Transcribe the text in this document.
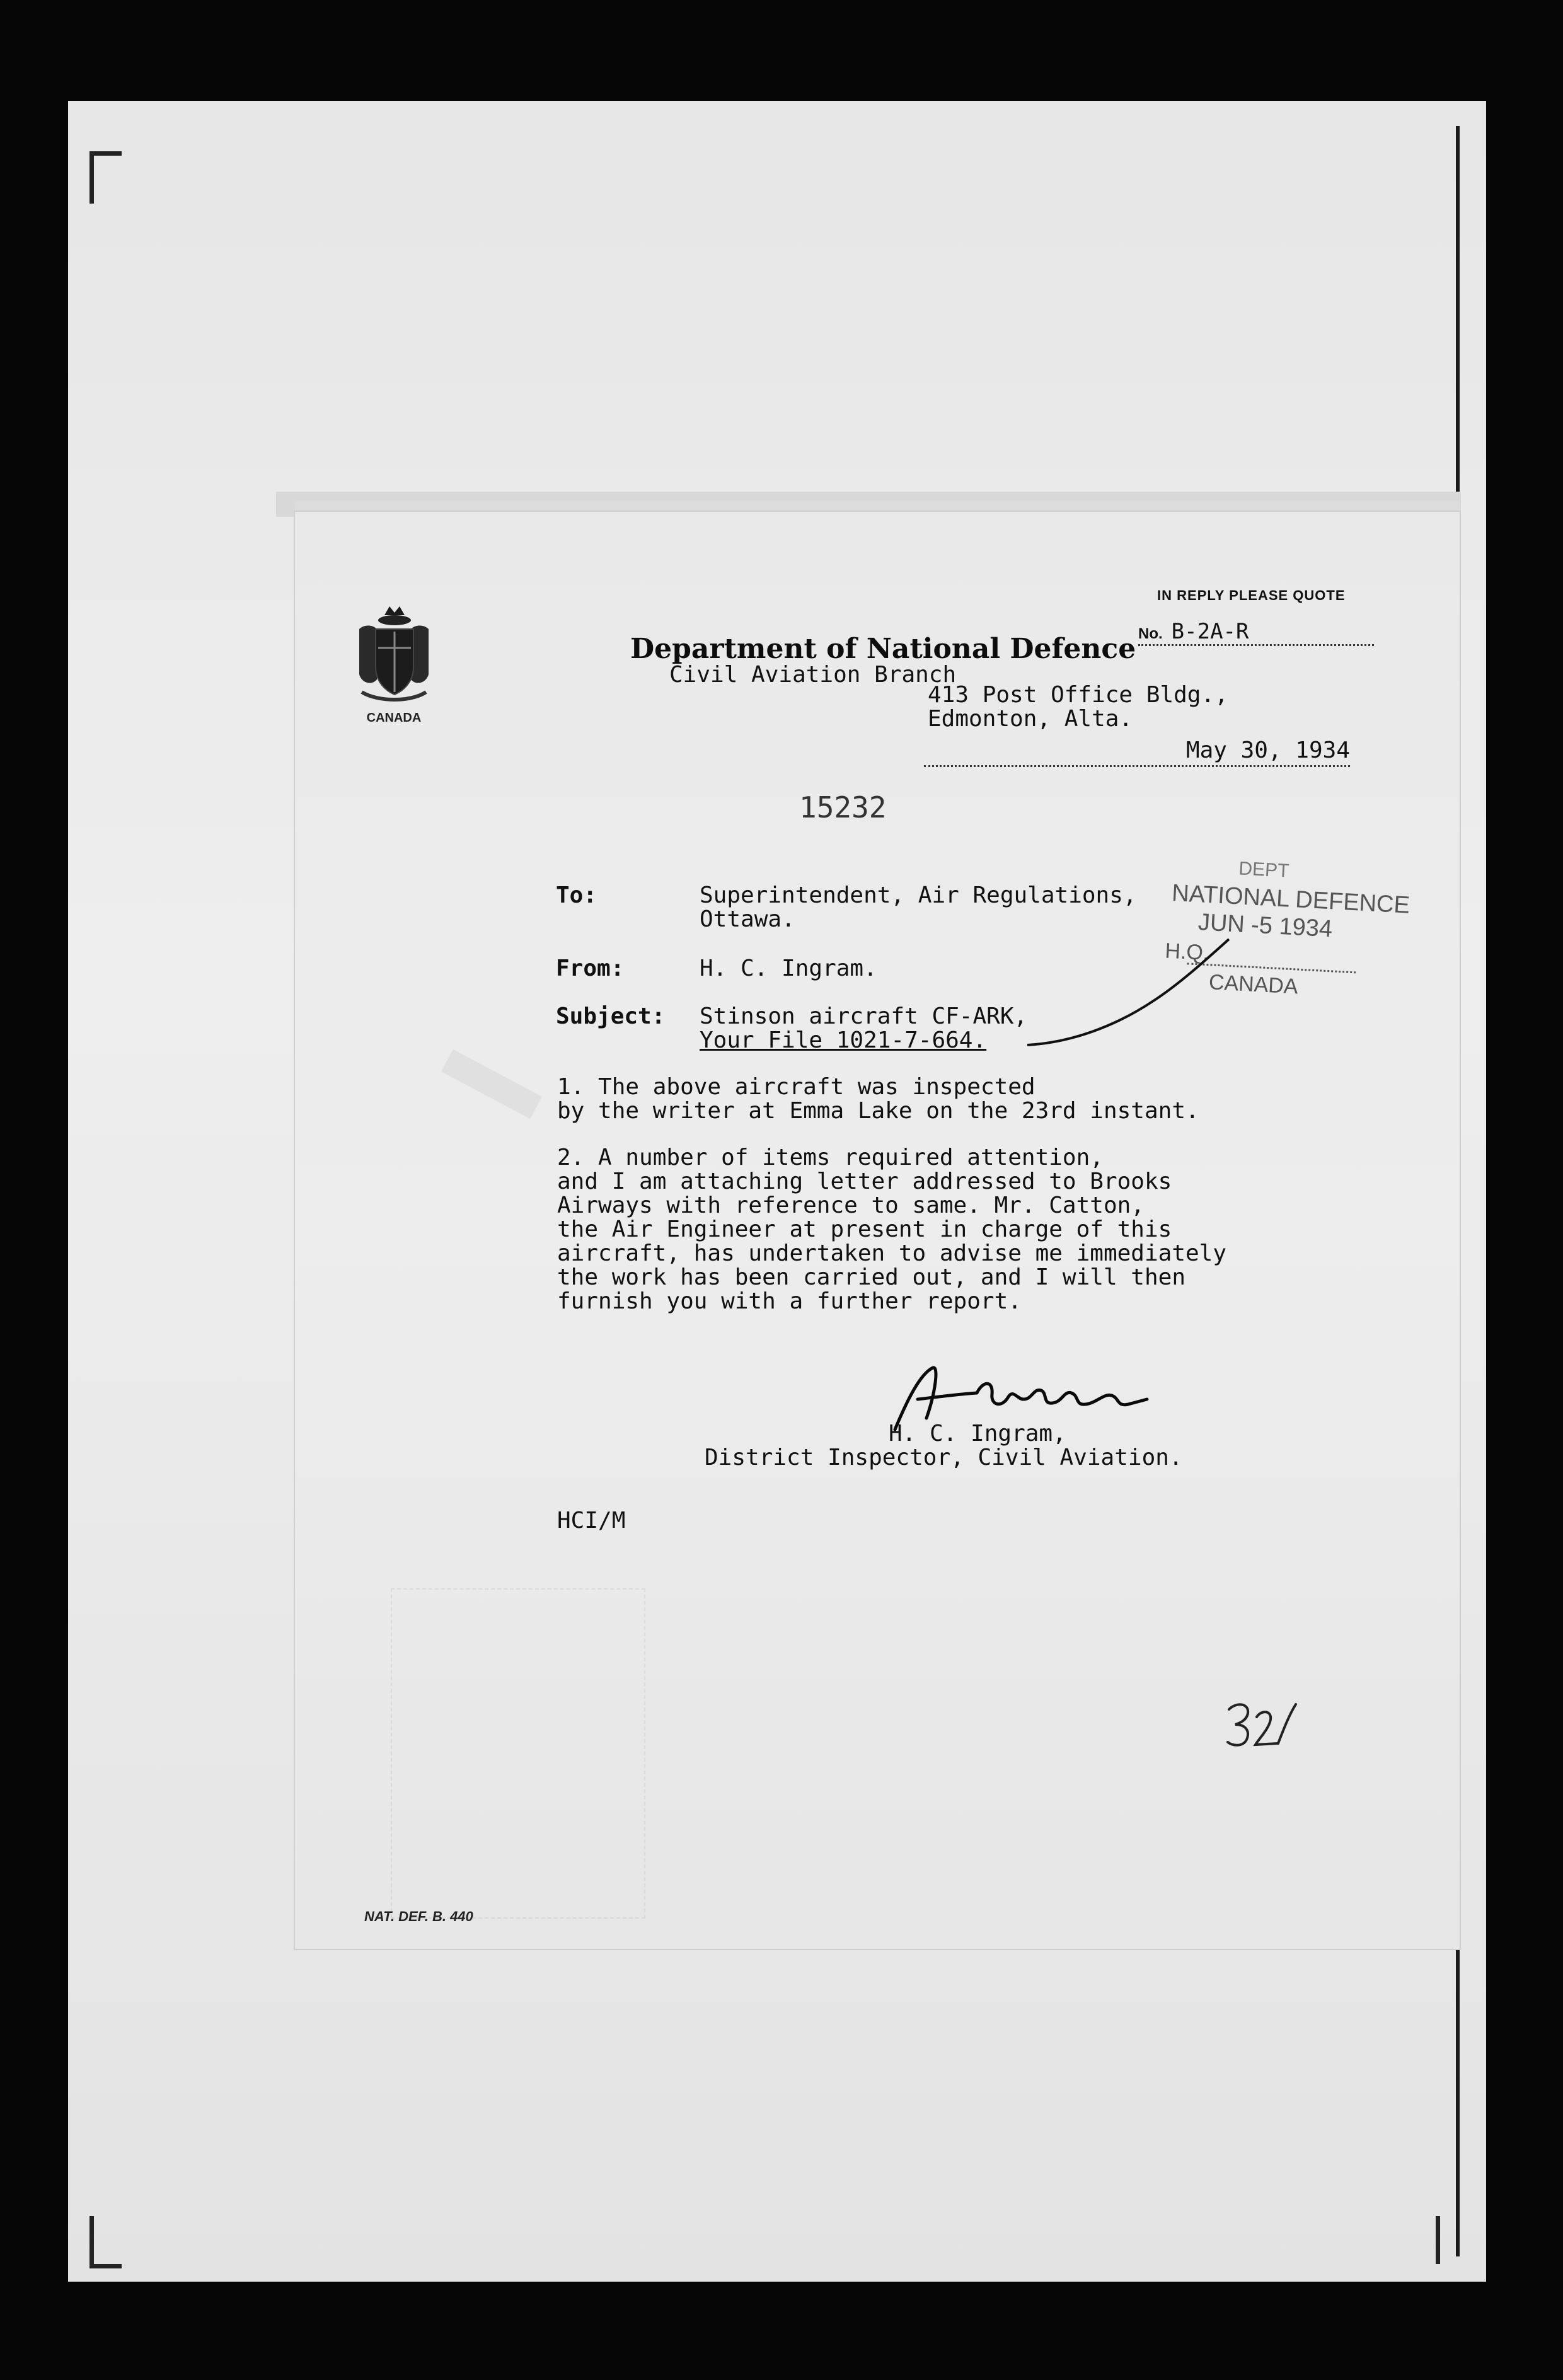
CANADA
IN REPLY PLEASE QUOTE
No. B-2A-R
Department of National Defence
Civil Aviation Branch
413 Post Office Bldg.,
Edmonton, Alta.
May 30, 1934
15232
DEPT
NATIONAL DEFENCE
JUN -5 1934
H.Q.
CANADA
To:	Superintendent, Air Regulations,
Ottawa.
From:	H. C. Ingram.
Subject: Stinson aircraft CF-ARK,
Your File 1021-7-664.
1. The above aircraft was inspected
by the writer at Emma Lake on the 23rd instant.
2. A number of items required attention,
and I am attaching letter addressed to Brooks
Airways with reference to same. Mr. Catton,
the Air Engineer at present in charge of this
aircraft, has undertaken to advise me immediately
the work has been carried out, and I will then
furnish you with a further report.
H. C. Ingram,
District Inspector, Civil Aviation.
HCI/M
NAT. DEF. B. 440
